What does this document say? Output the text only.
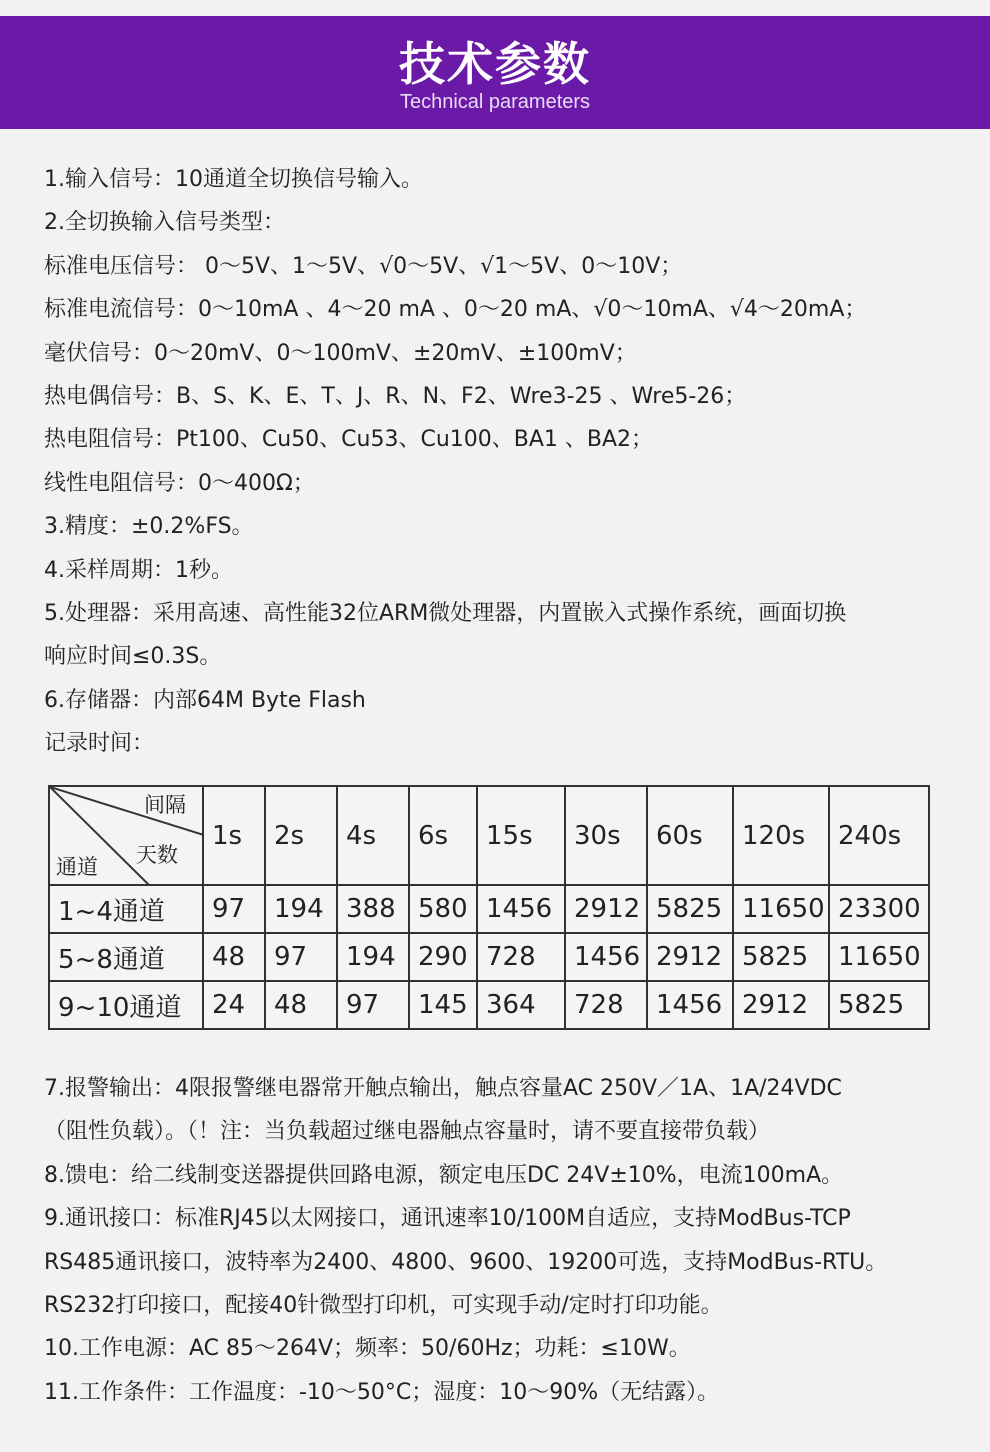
技术参数
Technical parameters
1.输入信号：10通道全切换信号输入。
2.全切换输入信号类型：
标准电压信号： 0～5V、1～5V、√0～5V、√1～5V、0～10V；
标准电流信号：0～10mA 、4～20 mA 、0～20 mA、√0～10mA、√4～20mA；
毫伏信号：0～20mV、0～100mV、±20mV、±100mV；
热电偶信号：B、S、K、E、T、J、R、N、F2、Wre3-25 、Wre5-26；
热电阻信号：Pt100、Cu50、Cu53、Cu100、BA1 、BA2；
线性电阻信号：0～400Ω；
3.精度：±0.2%FS。
4.采样周期：1秒。
5.处理器：采用高速、高性能32位ARM微处理器，内置嵌入式操作系统，画面切换
响应时间≤0.3S。
6.存储器：内部64M Byte Flash
记录时间：
间隔
天数
通道	1s	2s	4s	6s	15s	30s	60s	120s	240s
1~4通道	97	194	388	580	1456	2912	5825	11650	23300
5~8通道	48	97	194	290	728	1456	2912	5825	11650
9~10通道	24	48	97	145	364	728	1456	2912	5825
7.报警输出：4限报警继电器常开触点输出，触点容量AC 250V／1A、1A/24VDC
（阻性负载）。（！注：当负载超过继电器触点容量时，请不要直接带负载）
8.馈电：给二线制变送器提供回路电源，额定电压DC 24V±10%，电流100mA。
9.通讯接口：标准RJ45以太网接口，通讯速率10/100M自适应，支持ModBus-TCP
RS485通讯接口，波特率为2400、4800、9600、19200可选，支持ModBus-RTU。
RS232打印接口，配接40针微型打印机，可实现手动/定时打印功能。
10.工作电源：AC 85～264V；频率：50/60Hz；功耗：≤10W。
11.工作条件：工作温度：-10～50°C；湿度：10～90%（无结露）。
